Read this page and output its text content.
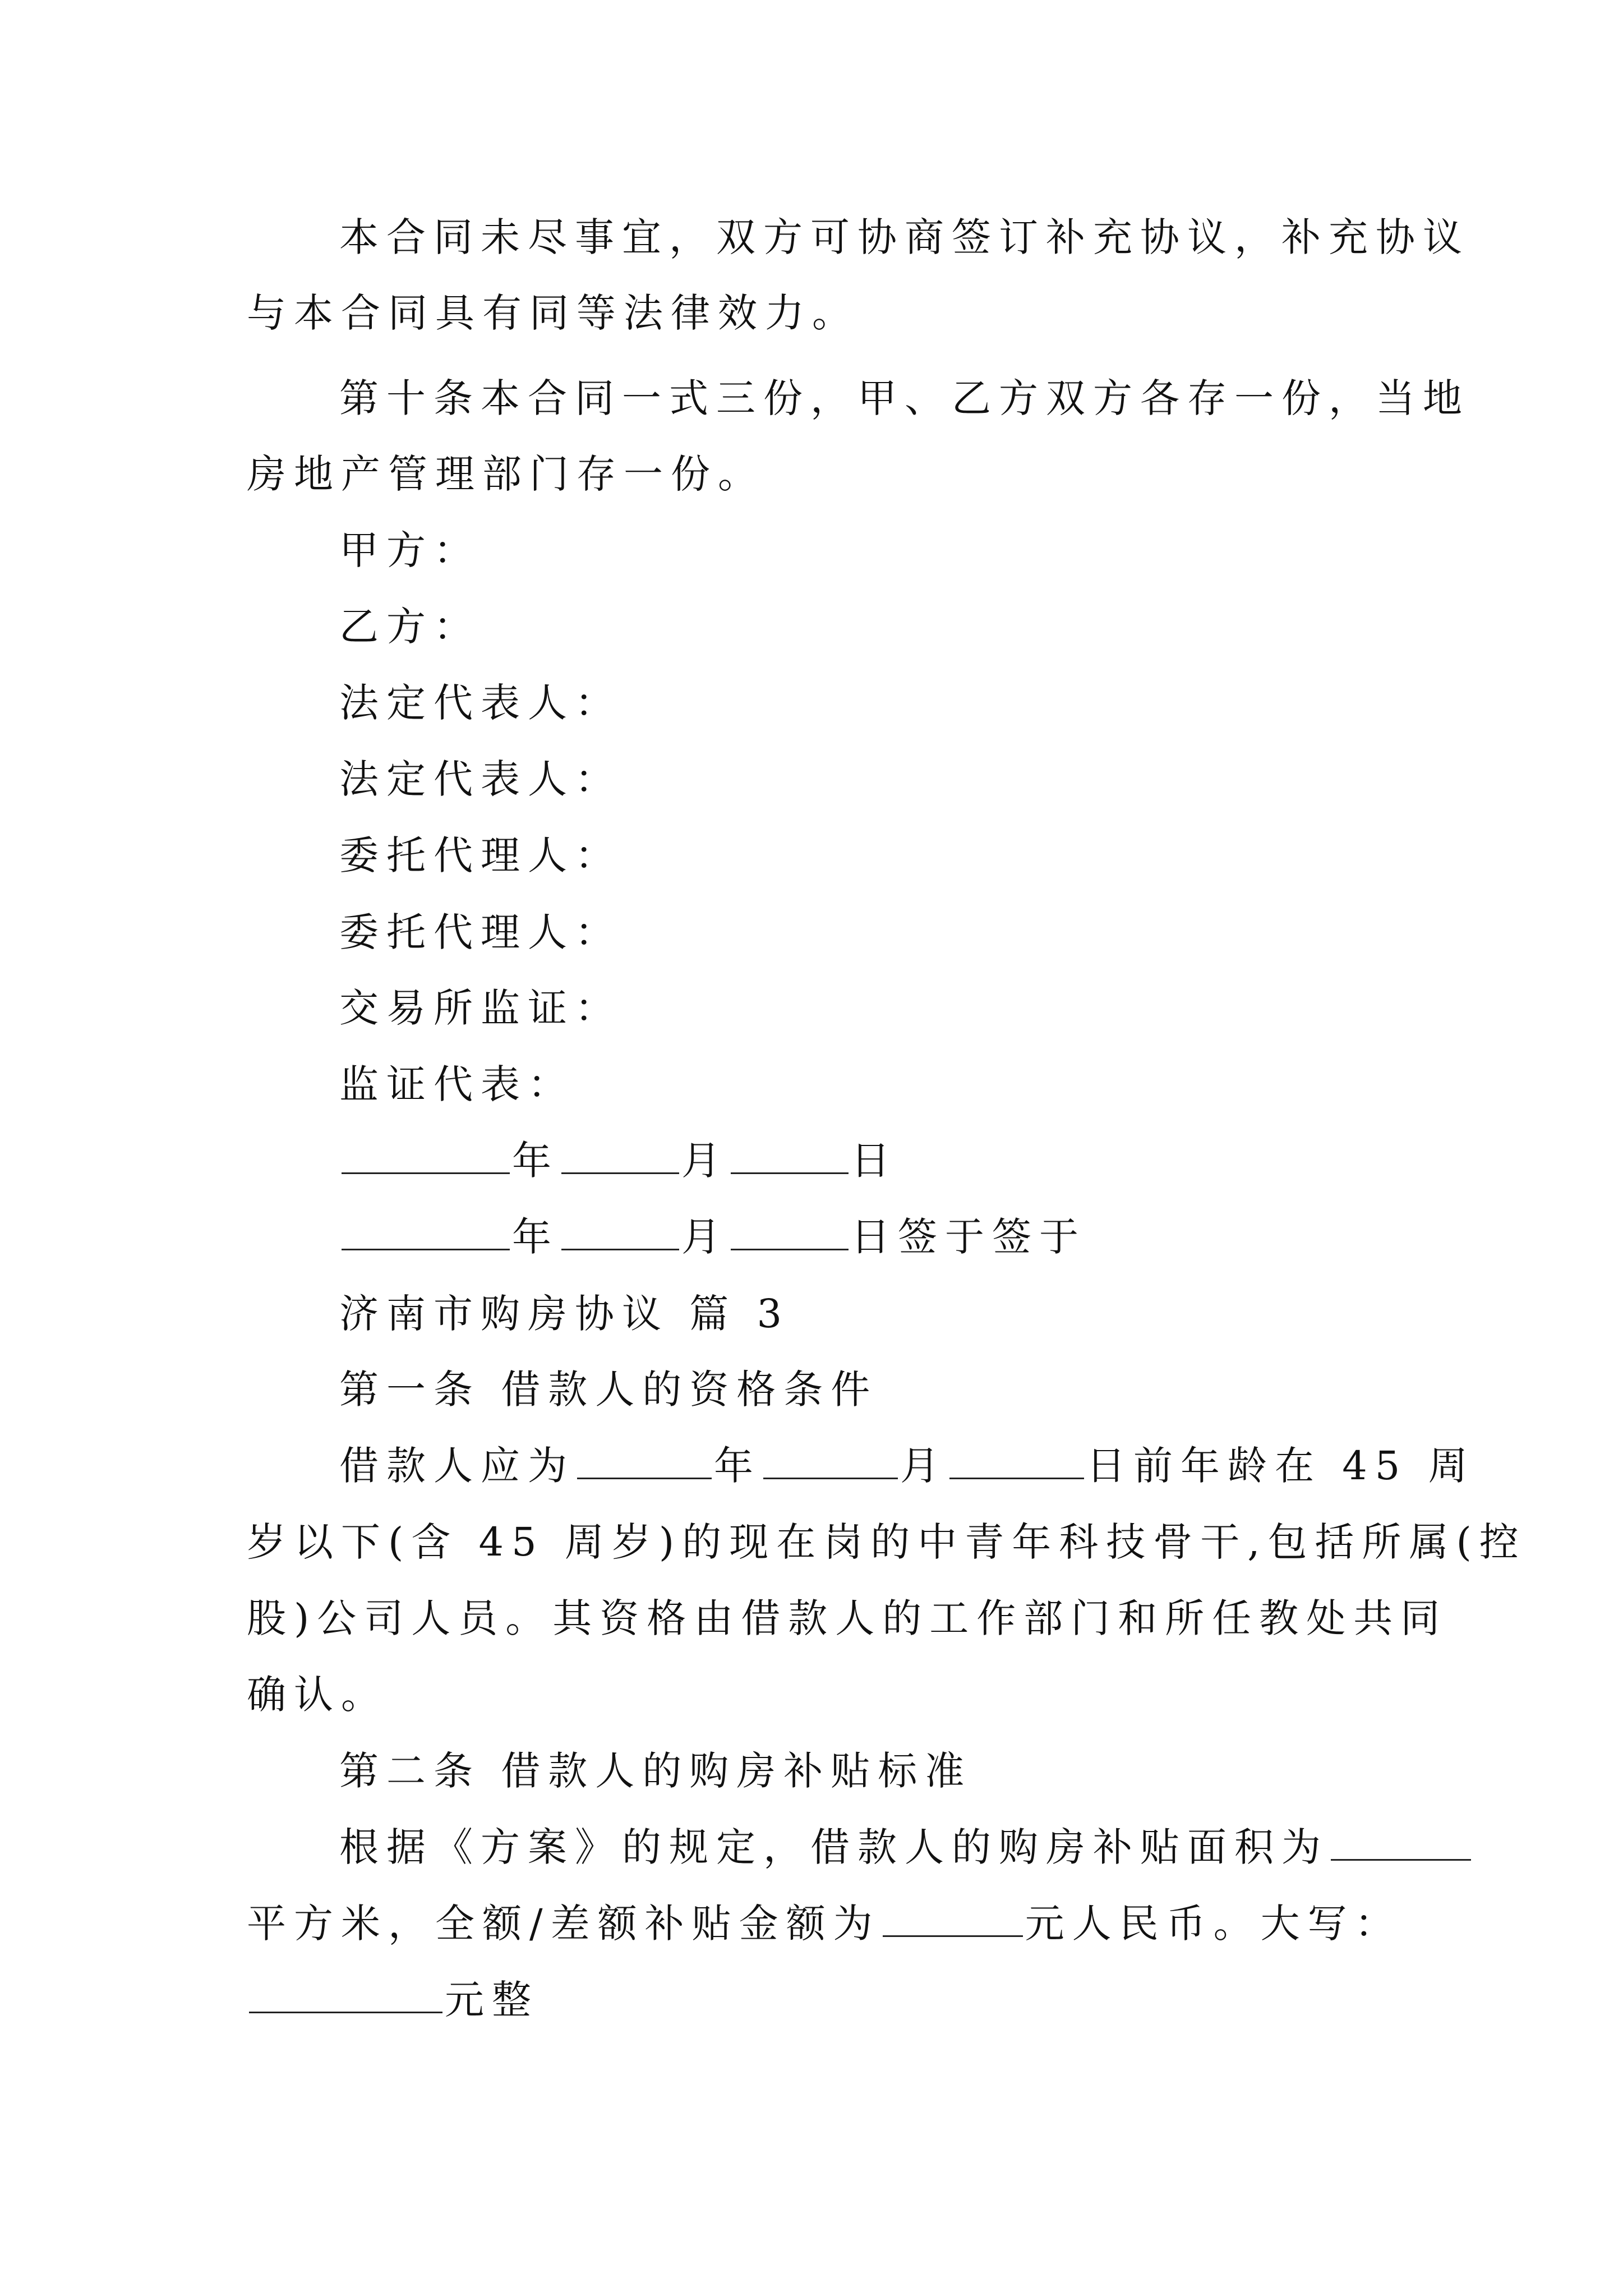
本合同未尽事宜，双方可协商签订补充协议，补充协议
与本合同具有同等法律效力。
第十条本合同一式三份，甲、乙方双方各存一份，当地
房地产管理部门存一份。
甲方：
乙方：
法定代表人：
法定代表人：
委托代理人：
委托代理人：
交易所监证：
监证代表：
年	月	日
年	月	日签于签于
济南市购房协议 篇 3
第一条 借款人的资格条件
借款人应为	年	月	日前年龄在 45 周
岁以下(含 45 周岁)的现在岗的中青年科技骨干,包括所属(控
股)公司人员。其资格由借款人的工作部门和所任教处共同
确认。
第二条 借款人的购房补贴标准
根据《方案》的规定，借款人的购房补贴面积为
平方米，全额/差额补贴金额为	元人民币。大写：
元整
